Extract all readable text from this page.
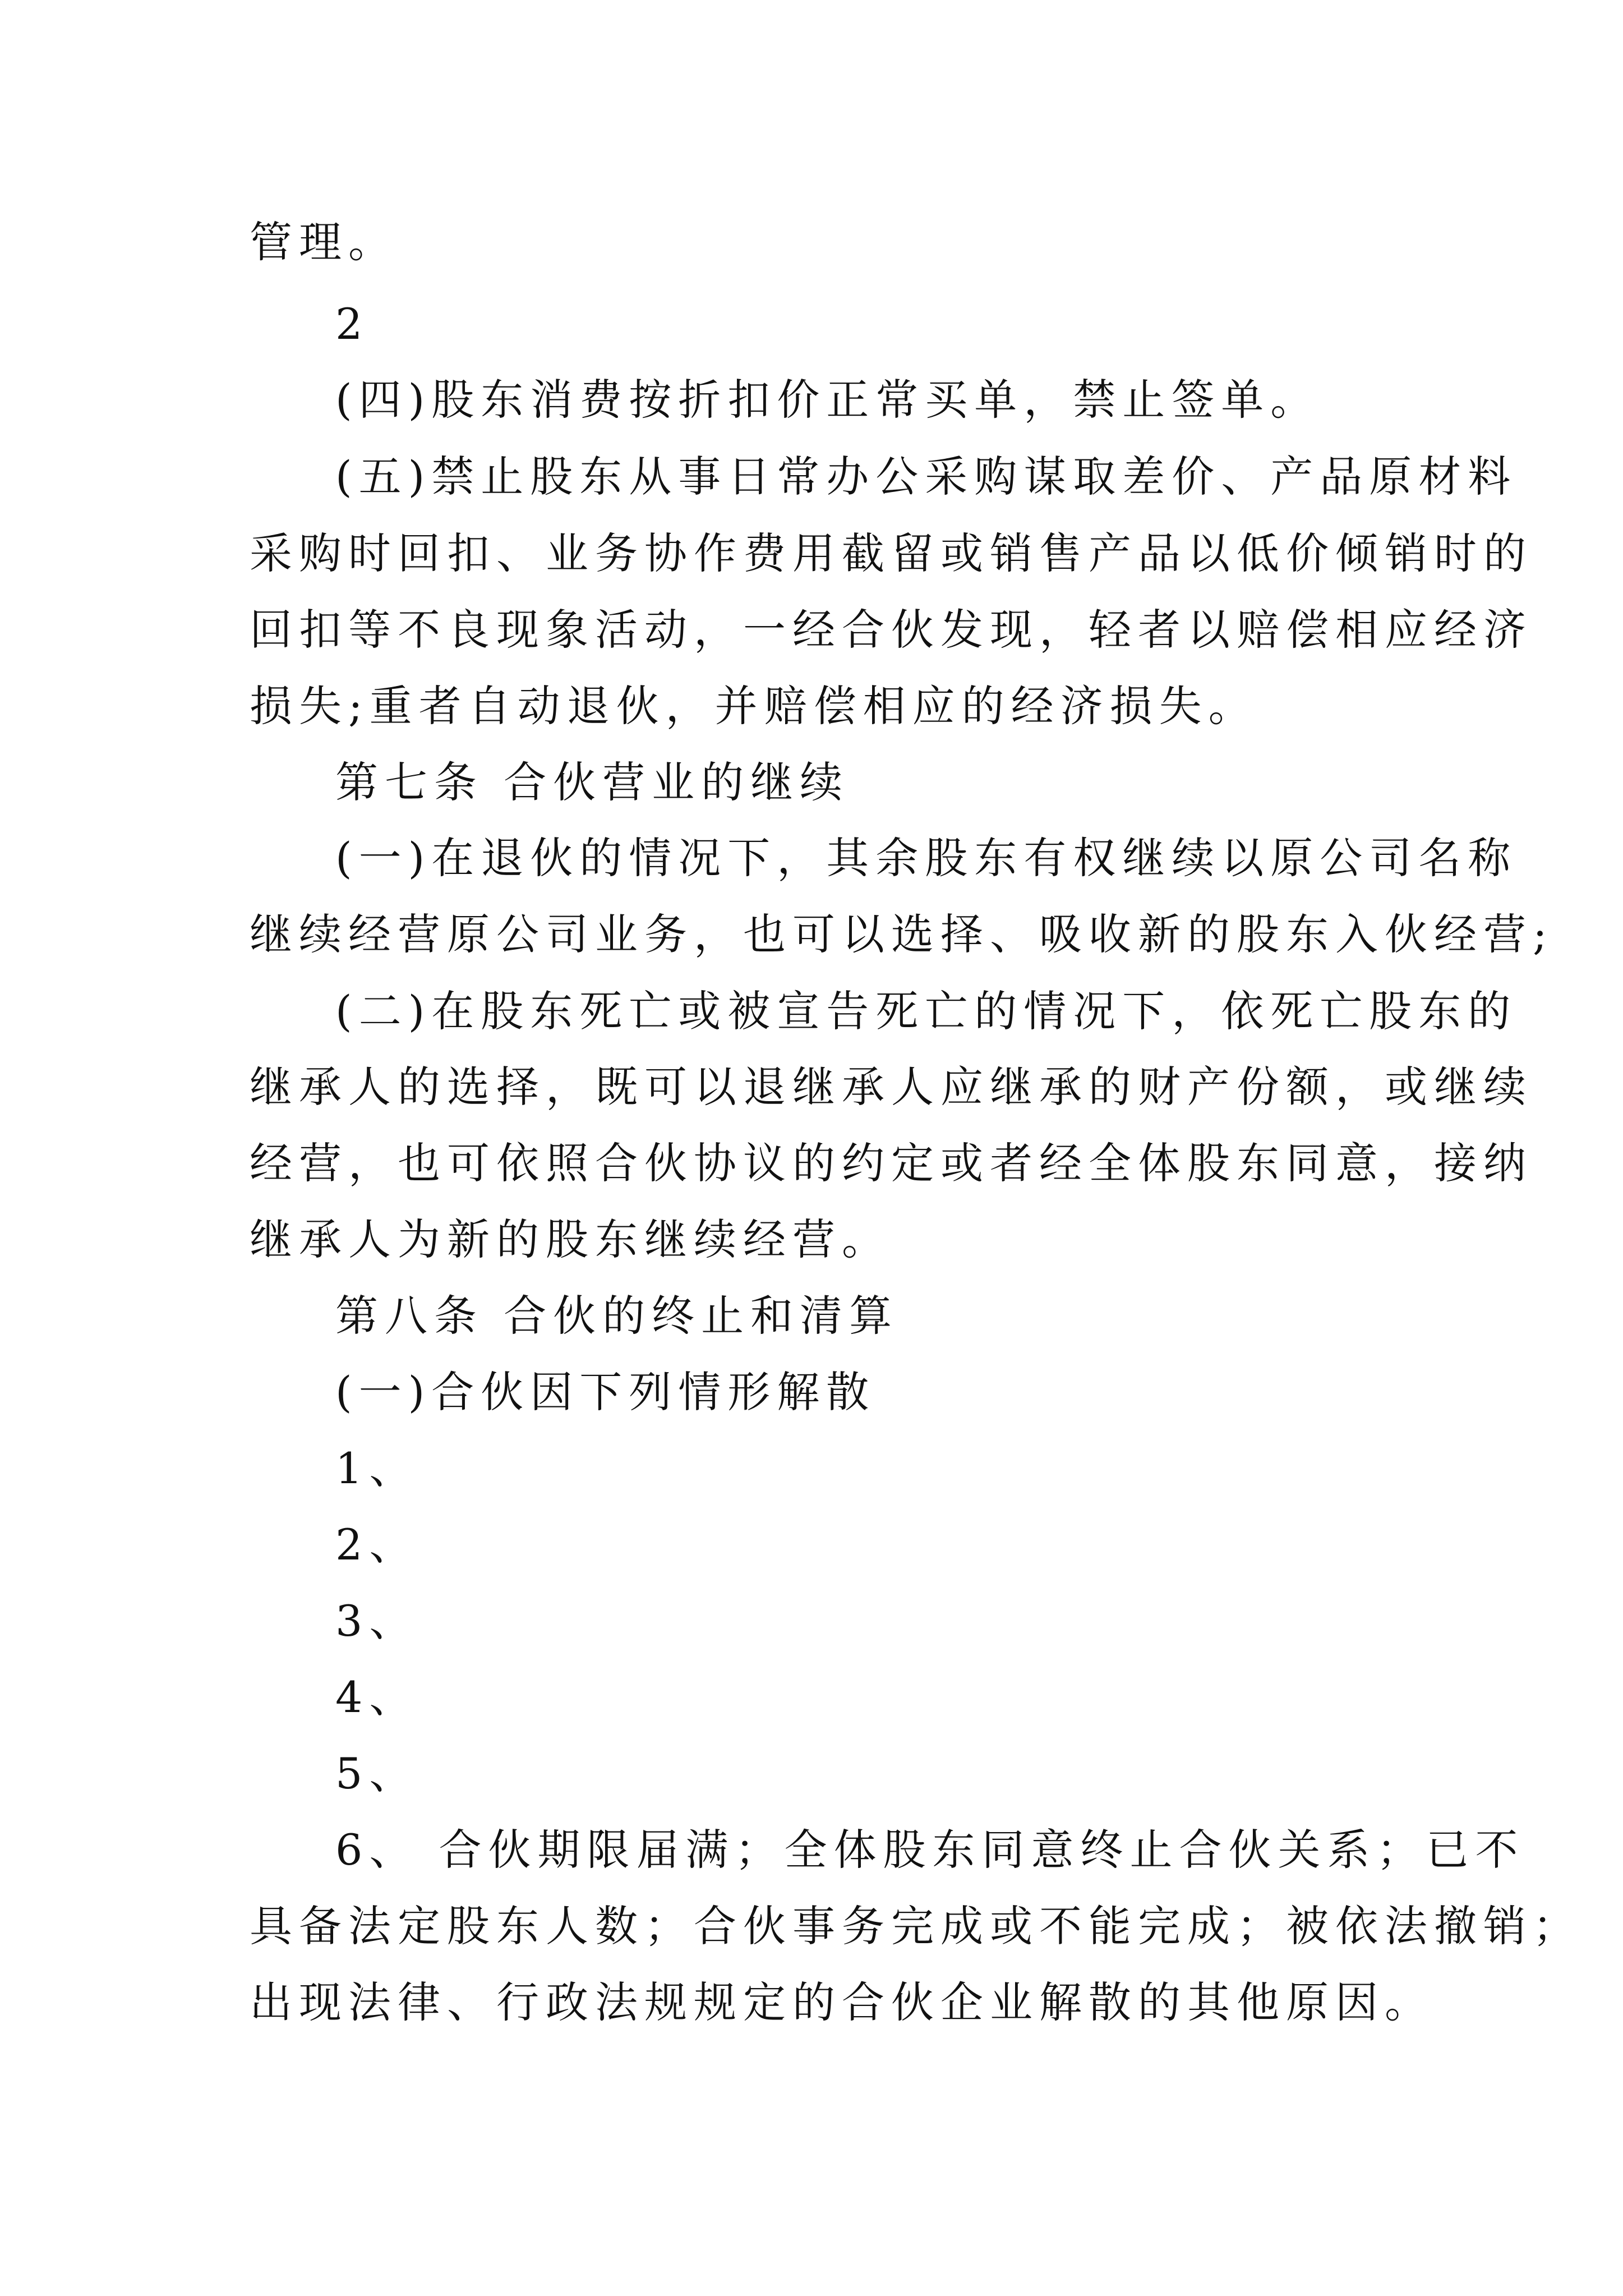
管理。

2

(四)股东消费按折扣价正常买单，禁止签单。

(五)禁止股东从事日常办公采购谋取差价、产品原材料

采购时回扣、业务协作费用截留或销售产品以低价倾销时的

回扣等不良现象活动，一经合伙发现，轻者以赔偿相应经济

损失;重者自动退伙，并赔偿相应的经济损失。

第七条 合伙营业的继续

(一)在退伙的情况下，其余股东有权继续以原公司名称

继续经营原公司业务，也可以选择、吸收新的股东入伙经营;

(二)在股东死亡或被宣告死亡的情况下，依死亡股东的

继承人的选择，既可以退继承人应继承的财产份额，或继续

经营，也可依照合伙协议的约定或者经全体股东同意，接纳

继承人为新的股东继续经营。

第八条 合伙的终止和清算

(一)合伙因下列情形解散

1、

2、

3、

4、

5、

6、 合伙期限届满；全体股东同意终止合伙关系；已不

具备法定股东人数；合伙事务完成或不能完成；被依法撤销；

出现法律、行政法规规定的合伙企业解散的其他原因。
